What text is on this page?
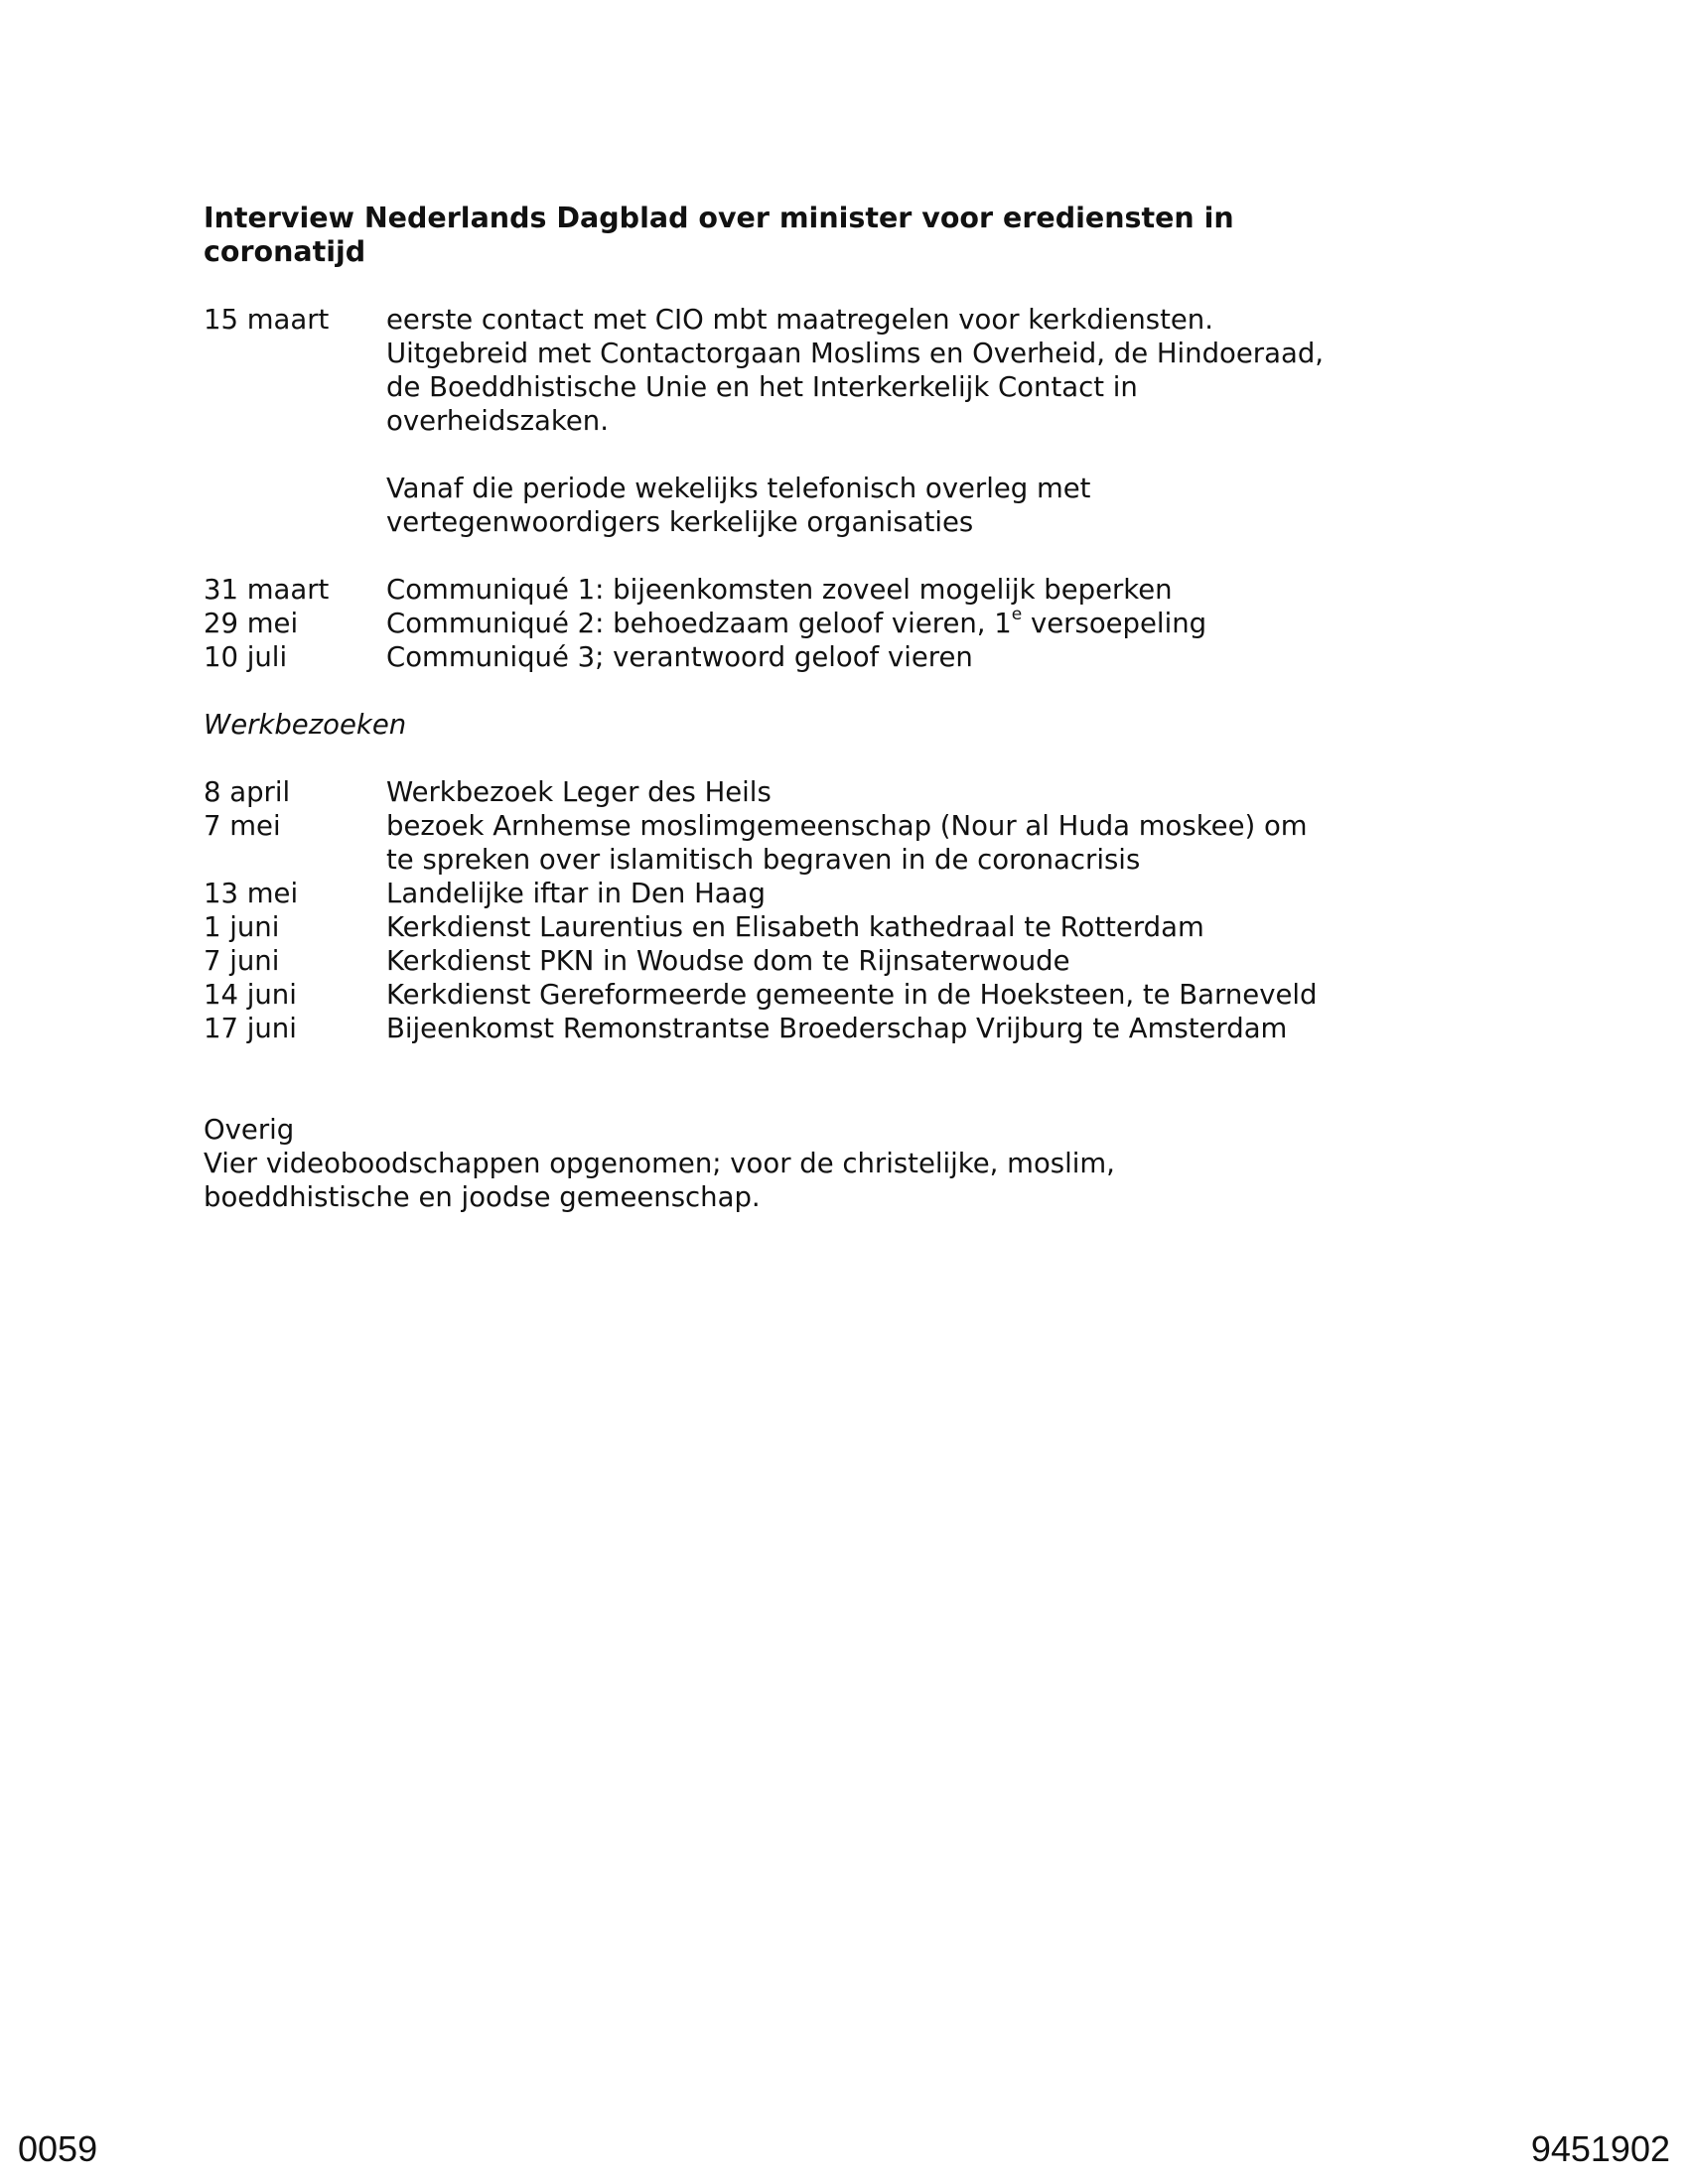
Interview Nederlands Dagblad over minister voor erediensten in coronatijd
15 maart	eerste contact met CIO mbt maatregelen voor kerkdiensten.
Uitgebreid met Contactorgaan Moslims en Overheid, de Hindoeraad,
de Boeddhistische Unie en het Interkerkelijk Contact in
overheidszaken.
Vanaf die periode wekelijks telefonisch overleg met
vertegenwoordigers kerkelijke organisaties
31 maart	Communiqué 1: bijeenkomsten zoveel mogelijk beperken
29 mei	Communiqué 2: behoedzaam geloof vieren, 1e versoepeling
10 juli	Communiqué 3; verantwoord geloof vieren
Werkbezoeken
8 april	Werkbezoek Leger des Heils
7 mei	bezoek Arnhemse moslimgemeenschap (Nour al Huda moskee) om
te spreken over islamitisch begraven in de coronacrisis
13 mei	Landelijke iftar in Den Haag
1 juni	Kerkdienst Laurentius en Elisabeth kathedraal te Rotterdam
7 juni	Kerkdienst PKN in Woudse dom te Rijnsaterwoude
14 juni	Kerkdienst Gereformeerde gemeente in de Hoeksteen, te Barneveld
17 juni	Bijeenkomst Remonstrantse Broederschap Vrijburg te Amsterdam
Overig
Vier videoboodschappen opgenomen; voor de christelijke, moslim,
boeddhistische en joodse gemeenschap.
0059	9451902
